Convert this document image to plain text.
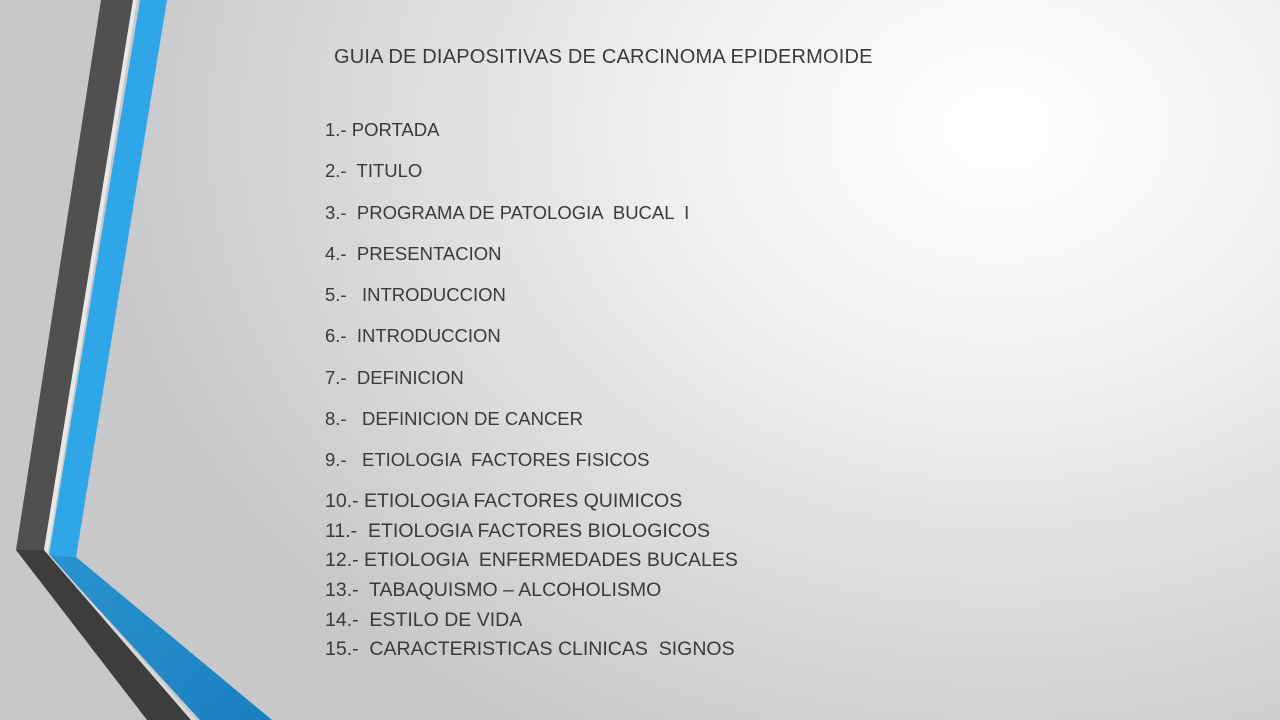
GUIA DE DIAPOSITIVAS DE CARCINOMA EPIDERMOIDE
1.- PORTADA
2.-  TITULO
3.-  PROGRAMA DE PATOLOGIA  BUCAL  I
4.-  PRESENTACION
5.-   INTRODUCCION
6.-  INTRODUCCION
7.-  DEFINICION
8.-   DEFINICION DE CANCER
9.-   ETIOLOGIA  FACTORES FISICOS
10.- ETIOLOGIA FACTORES QUIMICOS
11.-  ETIOLOGIA FACTORES BIOLOGICOS
12.- ETIOLOGIA  ENFERMEDADES BUCALES
13.-  TABAQUISMO – ALCOHOLISMO
14.-  ESTILO DE VIDA
15.-  CARACTERISTICAS CLINICAS  SIGNOS
